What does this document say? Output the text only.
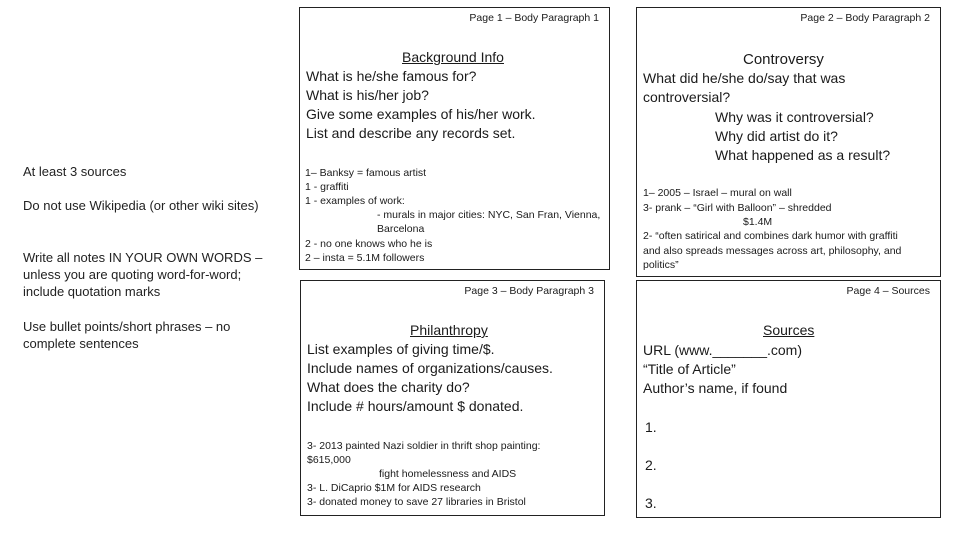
At least 3 sources
Do not use Wikipedia (or other wiki sites)
Write all notes IN YOUR OWN WORDS – unless you are quoting word-for-word; include quotation marks
Use bullet points/short phrases – no complete sentences
Page 1 – Body Paragraph 1
Background Info
What is he/she famous for?
What is his/her job?
Give some examples of his/her work.
List and describe any records set.
1– Banksy = famous artist
1 - graffiti
1 - examples of work:
- murals in major cities: NYC, San Fran, Vienna,
Barcelona
2 - no one knows who he is
2 – insta = 5.1M followers
Page 2 – Body Paragraph 2
Controversy
What did he/she do/say that was
controversial?
Why was it controversial?
Why did artist do it?
What happened as a result?
1– 2005 – Israel – mural on wall
3- prank – “Girl with Balloon” – shredded
$1.4M
2- “often satirical and combines dark humor with graffiti
and also spreads messages across art, philosophy, and
politics”
Page 3 – Body Paragraph 3
Philanthropy
List examples of giving time/$.
Include names of organizations/causes.
What does the charity do?
Include # hours/amount $ donated.
3- 2013 painted Nazi soldier in thrift shop painting:
$615,000
fight homelessness and AIDS
3- L. DiCaprio $1M for AIDS research
3- donated money to save 27 libraries in Bristol
Page 4 – Sources
Sources
URL (www._______.com)
“Title of Article”
Author’s name, if found
1.
2.
3.
